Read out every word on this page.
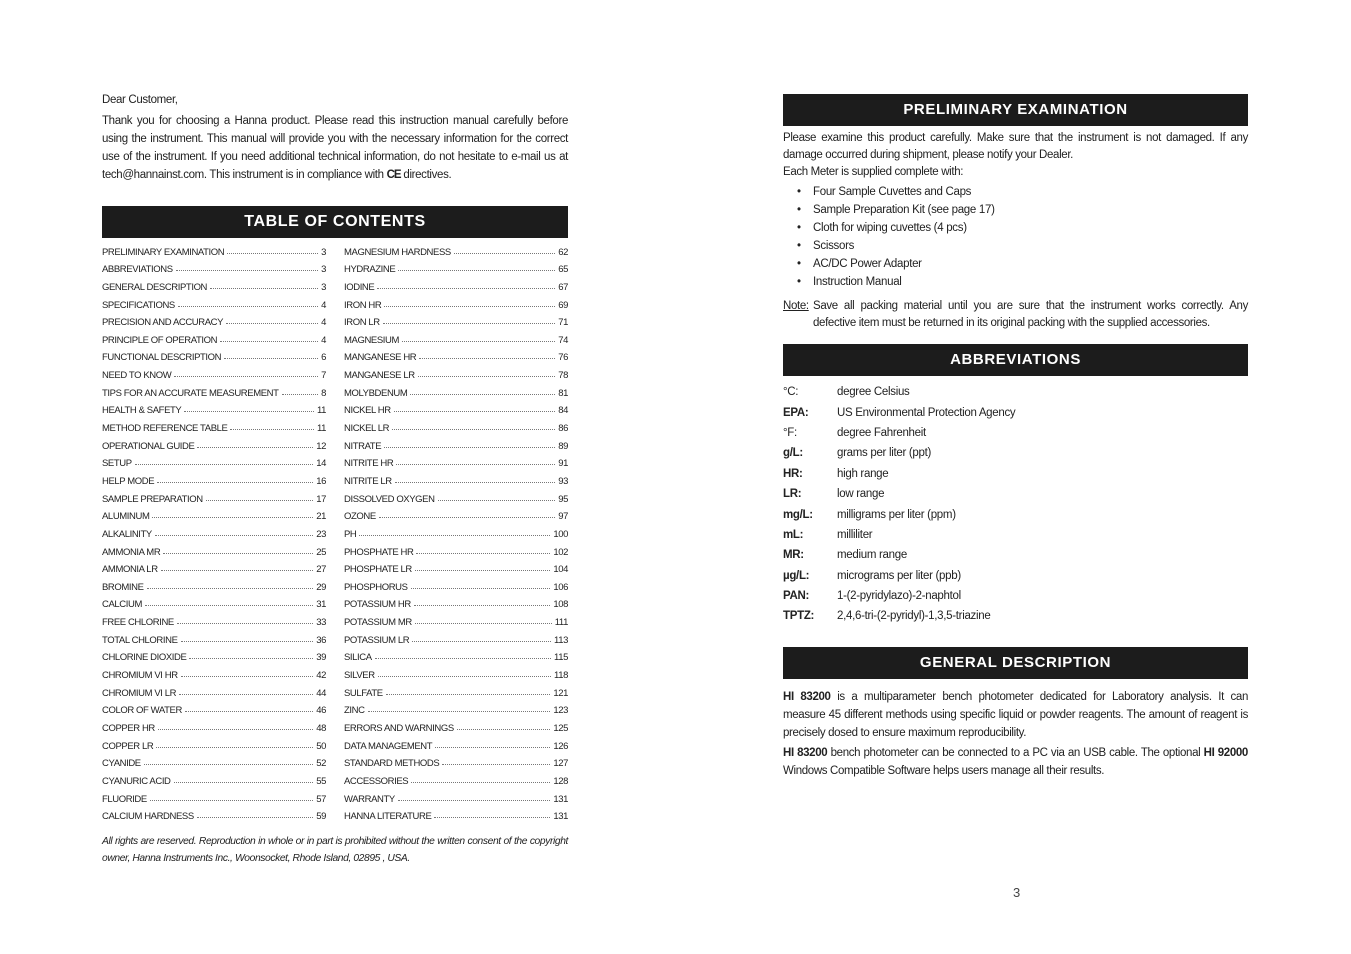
Dear Customer,

Thank you for choosing a Hanna product. Please read this instruction manual carefully before using the instrument. This manual will provide you with the necessary information for the correct use of the instrument. If you need additional technical information, do not hesitate to e-mail us at tech@hannainst.com. This instrument is in compliance with CE directives.

TABLE OF CONTENTS
PRELIMINARY EXAMINATION	3
ABBREVIATIONS	3
GENERAL DESCRIPTION	3
SPECIFICATIONS	4
PRECISION AND ACCURACY	4
PRINCIPLE OF OPERATION	4
FUNCTIONAL DESCRIPTION	6
NEED TO KNOW	7
TIPS FOR AN ACCURATE MEASUREMENT	8
HEALTH & SAFETY	11
METHOD REFERENCE TABLE	11
OPERATIONAL GUIDE	12
SETUP	14
HELP MODE	16
SAMPLE PREPARATION	17
ALUMINUM	21
ALKALINITY	23
AMMONIA MR	25
AMMONIA LR	27
BROMINE	29
CALCIUM	31
FREE CHLORINE	33
TOTAL CHLORINE	36
CHLORINE DIOXIDE	39
CHROMIUM VI HR	42
CHROMIUM VI LR	44
COLOR OF WATER	46
COPPER HR	48
COPPER LR	50
CYANIDE	52
CYANURIC ACID	55
FLUORIDE	57
CALCIUM HARDNESS	59
MAGNESIUM HARDNESS	62
HYDRAZINE	65
IODINE	67
IRON HR	69
IRON LR	71
MAGNESIUM	74
MANGANESE HR	76
MANGANESE LR	78
MOLYBDENUM	81
NICKEL HR	84
NICKEL LR	86
NITRATE	89
NITRITE HR	91
NITRITE LR	93
DISSOLVED OXYGEN	95
OZONE	97
PH	100
PHOSPHATE HR	102
PHOSPHATE LR	104
PHOSPHORUS	106
POTASSIUM HR	108
POTASSIUM MR	111
POTASSIUM LR	113
SILICA	115
SILVER	118
SULFATE	121
ZINC	123
ERRORS AND WARNINGS	125
DATA MANAGEMENT	126
STANDARD METHODS	127
ACCESSORIES	128
WARRANTY	131
HANNA LITERATURE	131

All rights are reserved. Reproduction in whole or in part is prohibited without the written consent of the copyright owner, Hanna Instruments Inc., Woonsocket, Rhode Island, 02895 , USA.

PRELIMINARY EXAMINATION

Please examine this product carefully. Make sure that the instrument is not damaged. If any damage occurred during shipment, please notify your Dealer.

Each Meter is supplied complete with:

• Four Sample Cuvettes and Caps
• Sample Preparation Kit (see page 17)
• Cloth for wiping cuvettes (4 pcs)
• Scissors
• AC/DC Power Adapter
• Instruction Manual
Note: Save all packing material until you are sure that the instrument works correctly. Any defective item must be returned in its original packing with the supplied accessories.
ABBREVIATIONS
°C:	degree Celsius
EPA:	US Environmental Protection Agency
°F:	degree Fahrenheit
g/L:	grams per liter (ppt)
HR:	high range
LR:	low range
mg/L:	milligrams per liter (ppm)
mL:	milliliter
MR:	medium range
µg/L:	micrograms per liter (ppb)
PAN:	1-(2-pyridylazo)-2-naphtol
TPTZ:	2,4,6-tri-(2-pyridyl)-1,3,5-triazine
GENERAL DESCRIPTION

HI 83200 is a multiparameter bench photometer dedicated for Laboratory analysis. It can measure 45 different methods using specific liquid or powder reagents. The amount of reagent is precisely dosed to ensure maximum reproducibility.

HI 83200 bench photometer can be connected to a PC via an USB cable. The optional HI 92000 Windows Compatible Software helps users manage all their results.

3
